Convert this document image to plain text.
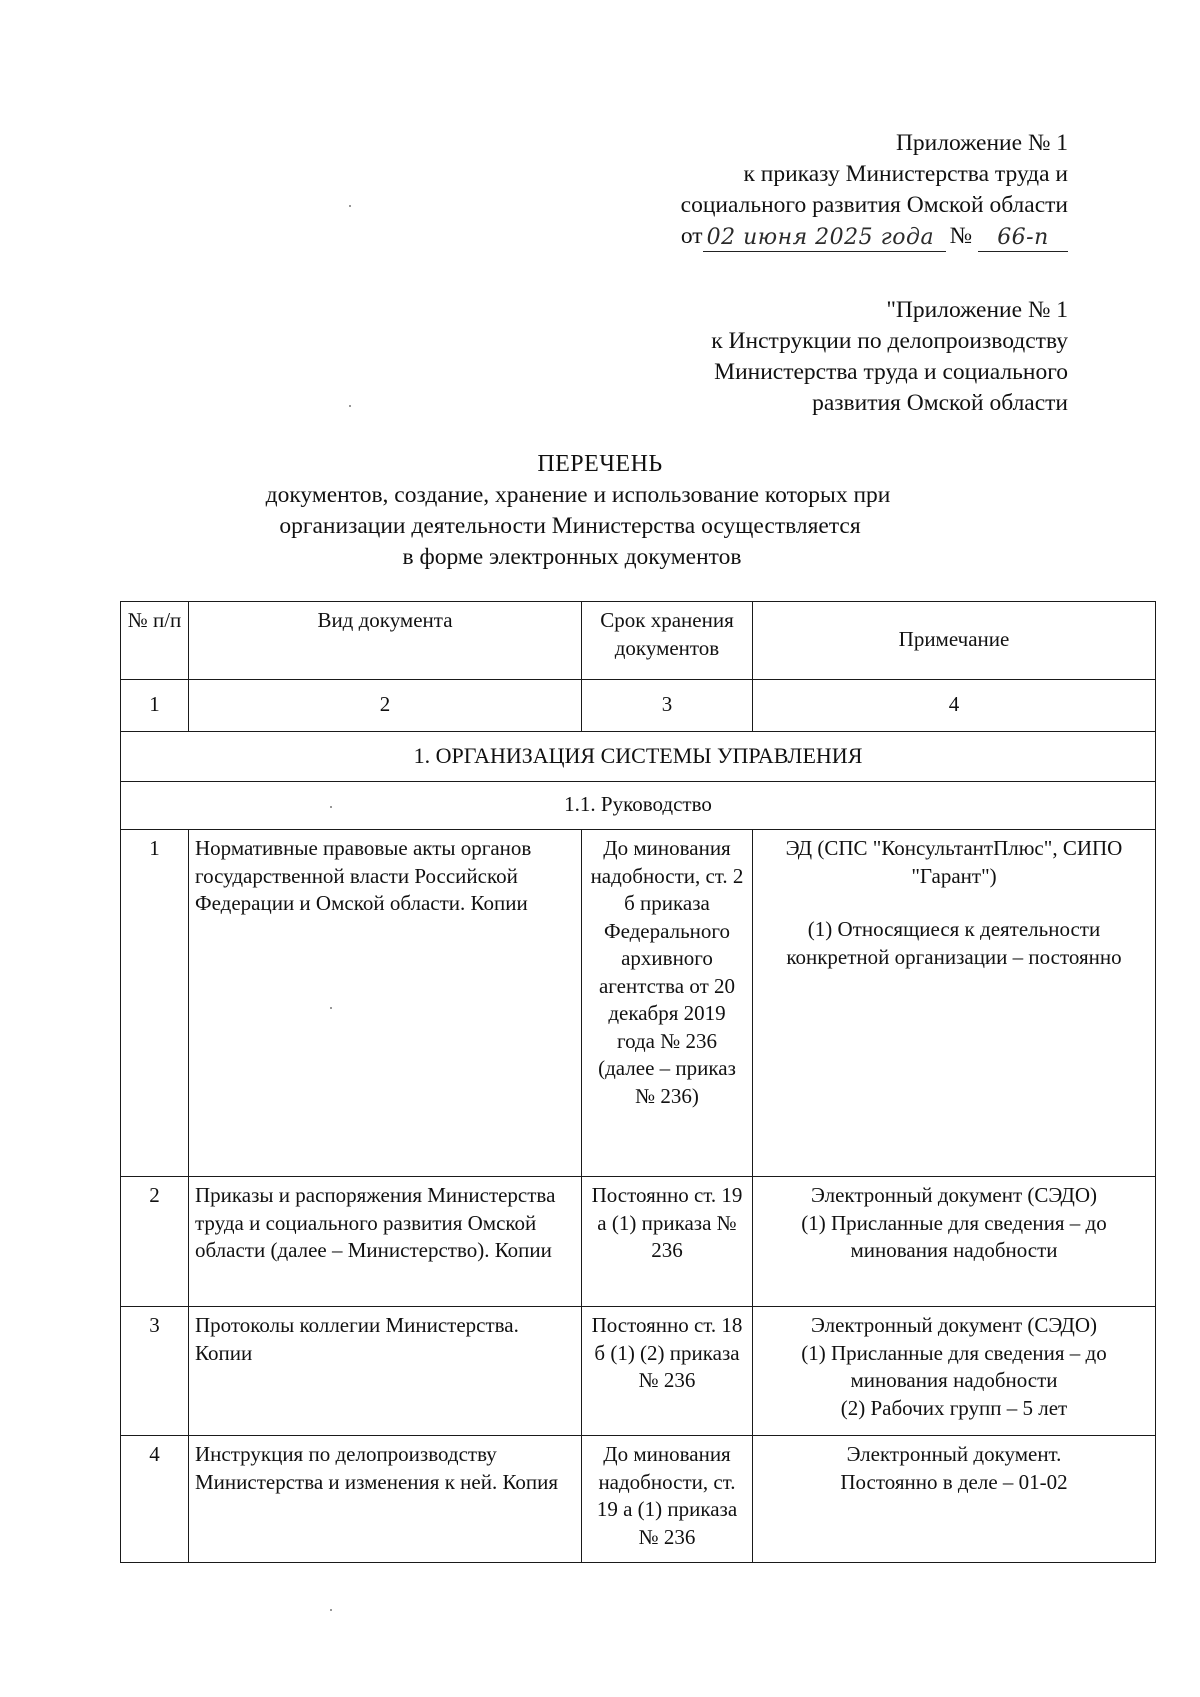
Приложение № 1
к приказу Министерства труда и
социального развития Омской области
от 02 июня 2025 года №	66-п
"Приложение № 1
к Инструкции по делопроизводству
Министерства труда и социального
развития Омской области
ПЕРЕЧЕНЬ
документов, создание, хранение и использование которых при
организации деятельности Министерства осуществляется
в форме электронных документов
№ п/п	Вид документа	Срок хранения документов	Примечание
1	2	3	4
1. ОРГАНИЗАЦИЯ СИСТЕМЫ УПРАВЛЕНИЯ			
1.1. Руководство			
1	Нормативные правовые акты органов государственной власти Российской Федерации и Омской области. Копии	До минования надобности, ст. 2 б приказа Федерального архивного агентства от 20 декабря 2019 года № 236 (далее – приказ № 236)	ЭД (СПС "КонсультантПлюс", СИПО "Гарант")
(1) Относящиеся к деятельности конкретной организации – постоянно

2	Приказы и распоряжения Министерства труда и социального развития Омской области (далее – Министерство). Копии	Постоянно ст. 19 а (1) приказа № 236	Электронный документ (СЭДО)
(1) Присланные для сведения – до минования надобности

3	Протоколы коллегии Министерства. Копии	Постоянно ст. 18 б (1) (2) приказа № 236	Электронный документ (СЭДО)
(1) Присланные для сведения – до минования надобности
(2) Рабочих групп – 5 лет

4	Инструкция по делопроизводству Министерства и изменения к ней. Копия	До минования надобности, ст. 19 а (1) приказа № 236	Электронный документ.
Постоянно в деле – 01-02
